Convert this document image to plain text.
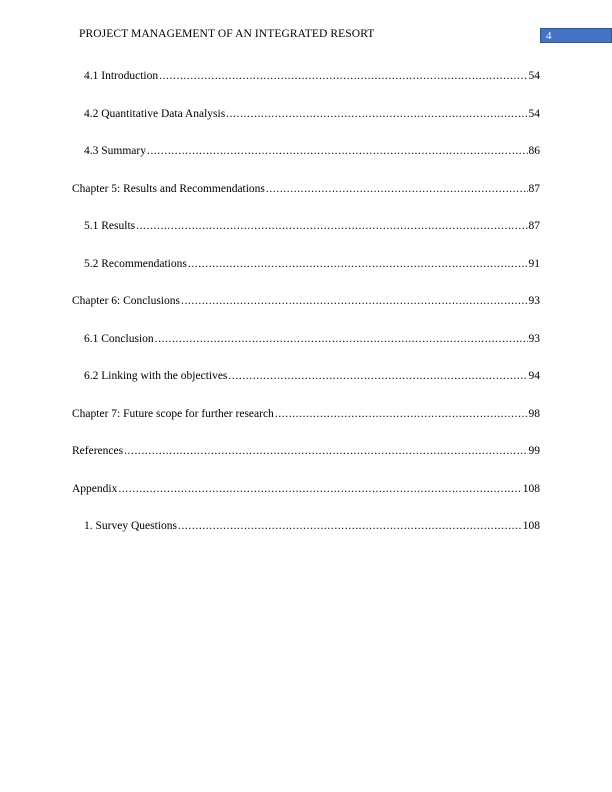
PROJECT MANAGEMENT OF AN INTEGRATED RESORT	4
4.1 Introduction .....	54
4.2 Quantitative Data Analysis .....	54
4.3 Summary .....	86
Chapter 5: Results and Recommendations .....	87
5.1 Results .....	87
5.2 Recommendations .....	91
Chapter 6: Conclusions .....	93
6.1 Conclusion .....	93
6.2 Linking with the objectives .....	94
Chapter 7: Future scope for further research .....	98
References .....	99
Appendix .....	108
1. Survey Questions .....	108
